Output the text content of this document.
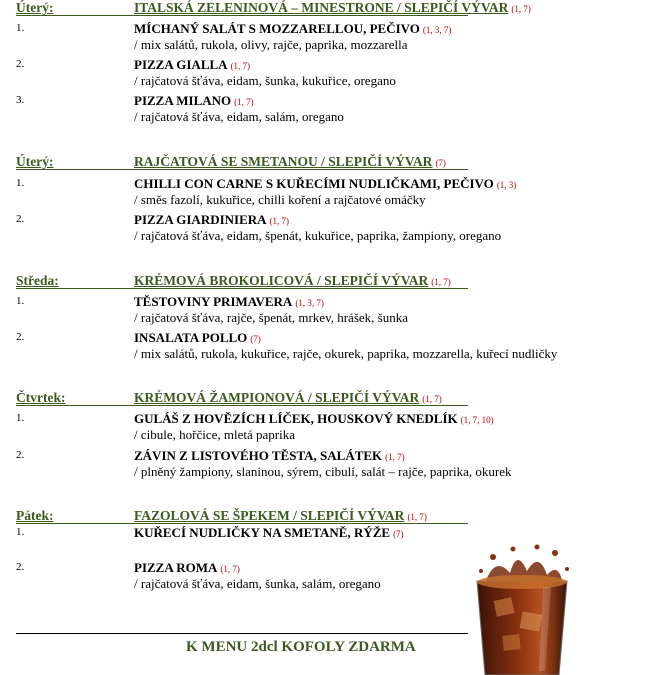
Úterý:	ITALSKÁ ZELENINOVÁ – MINESTRONE / SLEPIČÍ VÝVAR (1, 7)
1.	MÍCHANÝ SALÁT S MOZZARELLOU, PEČIVO (1, 3, 7)
/ mix salátů, rukola, olivy, rajče, paprika, mozzarella
2.	PIZZA GIALLA (1, 7)
/ rajčatová šťáva, eidam, šunka, kukuřice, oregano
3.	PIZZA MILANO (1, 7)
/ rajčatová šťáva, eidam, salám, oregano
Úterý:	RAJČATOVÁ SE SMETANOU / SLEPIČÍ VÝVAR (7)
1.	CHILLI CON CARNE S KUŘECÍMI NUDLIČKAMI, PEČIVO (1, 3)
/ směs fazolí, kukuřice, chilli koření a rajčatové omáčky
2.	PIZZA GIARDINIERA (1, 7)
/ rajčatová šťáva, eidam, špenát, kukuřice, paprika, žampiony, oregano
Středa:	KRÉMOVÁ BROKOLICOVÁ / SLEPIČÍ VÝVAR (1, 7)
1.	TĚSTOVINY PRIMAVERA (1, 3, 7)
/ rajčatová šťáva, rajče, špenát, mrkev, hrášek, šunka
2.	INSALATA POLLO (7)
/ mix salátů, rukola, kukuřice, rajče, okurek, paprika, mozzarella, kuřecí nudličky
Čtvrtek:	KRÉMOVÁ ŽAMPIONOVÁ / SLEPIČÍ VÝVAR (1, 7)
1.	GULÁŠ Z HOVĚZÍCH LÍČEK, HOUSKOVÝ KNEDLÍK (1, 7, 10)
/ cibule, hořčice, mletá paprika
2.	ZÁVIN Z LISTOVÉHO TĚSTA, SALÁTEK (1, 7)
/ plněný žampiony, slaninou, sýrem, cibulí, salát – rajče, paprika, okurek
Pátek:	FAZOLOVÁ SE ŠPEKEM / SLEPIČÍ VÝVAR (1, 7)
1.	KUŘECÍ NUDLIČKY NA SMETANĚ, RÝŽE (7)
2.	PIZZA ROMA (1, 7)
/ rajčatová šťáva, eidam, šunka, salám, oregano
K MENU 2dcl KOFOLY ZDARMA
